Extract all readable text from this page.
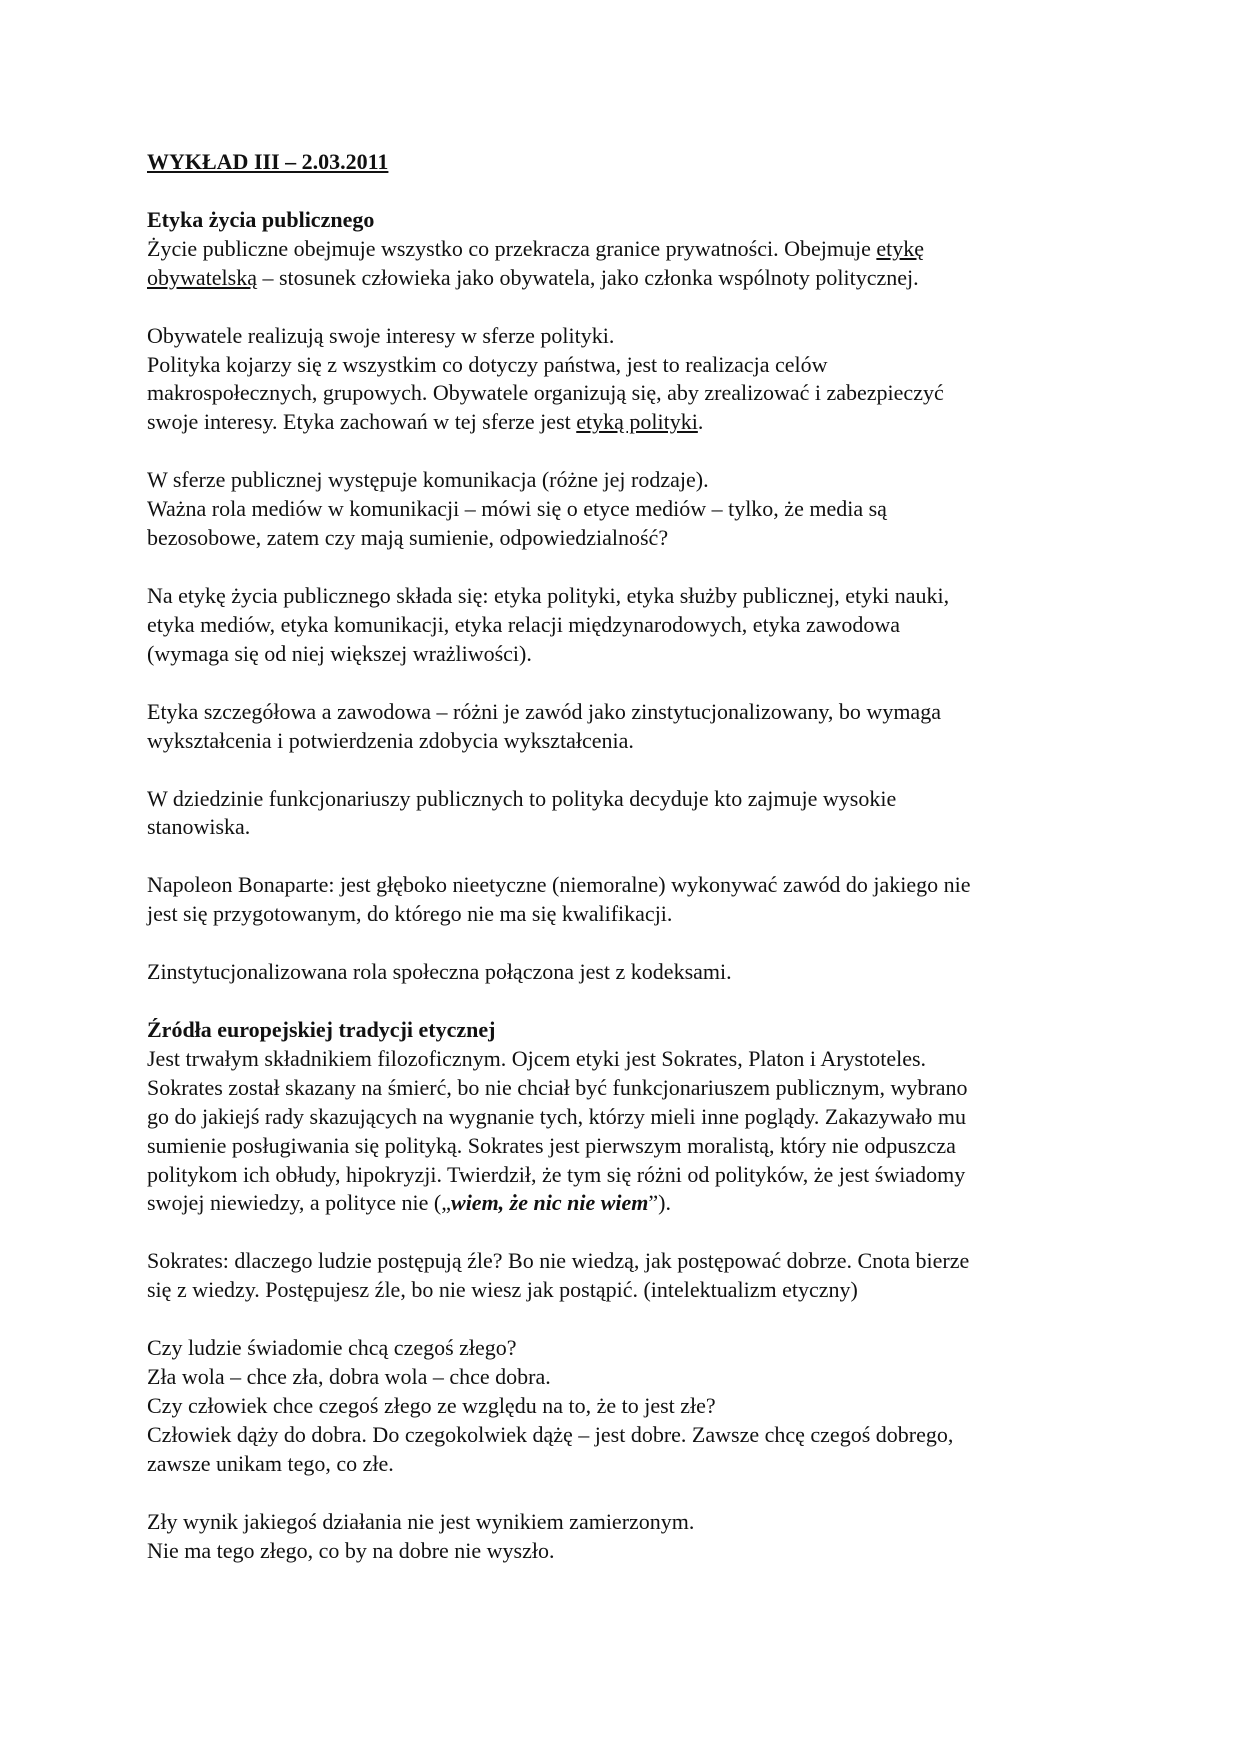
WYKŁAD III – 2.03.2011
Etyka życia publicznego

Życie publiczne obejmuje wszystko co przekracza granice prywatności. Obejmuje etykę
obywatelską – stosunek człowieka jako obywatela, jako członka wspólnoty politycznej.

Obywatele realizują swoje interesy w sferze polityki.
Polityka kojarzy się z wszystkim co dotyczy państwa, jest to realizacja celów
makrospołecznych, grupowych. Obywatele organizują się, aby zrealizować i zabezpieczyć
swoje interesy. Etyka zachowań w tej sferze jest etyką polityki.

W sferze publicznej występuje komunikacja (różne jej rodzaje).
Ważna rola mediów w komunikacji – mówi się o etyce mediów – tylko, że media są
bezosobowe, zatem czy mają sumienie, odpowiedzialność?

Na etykę życia publicznego składa się: etyka polityki, etyka służby publicznej, etyki nauki,
etyka mediów, etyka komunikacji, etyka relacji międzynarodowych, etyka zawodowa
(wymaga się od niej większej wrażliwości).

Etyka szczegółowa a zawodowa – różni je zawód jako zinstytucjonalizowany, bo wymaga
wykształcenia i potwierdzenia zdobycia wykształcenia.

W dziedzinie funkcjonariuszy publicznych to polityka decyduje kto zajmuje wysokie
stanowiska.

Napoleon Bonaparte: jest głęboko nieetyczne (niemoralne) wykonywać zawód do jakiego nie
jest się przygotowanym, do którego nie ma się kwalifikacji.

Zinstytucjonalizowana rola społeczna połączona jest z kodeksami.

Źródła europejskiej tradycji etycznej

Jest trwałym składnikiem filozoficznym. Ojcem etyki jest Sokrates, Platon i Arystoteles.
Sokrates został skazany na śmierć, bo nie chciał być funkcjonariuszem publicznym, wybrano
go do jakiejś rady skazujących na wygnanie tych, którzy mieli inne poglądy. Zakazywało mu
sumienie posługiwania się polityką. Sokrates jest pierwszym moralistą, który nie odpuszcza
politykom ich obłudy, hipokryzji. Twierdził, że tym się różni od polityków, że jest świadomy
swojej niewiedzy, a polityce nie („wiem, że nic nie wiem”).

Sokrates: dlaczego ludzie postępują źle? Bo nie wiedzą, jak postępować dobrze. Cnota bierze
się z wiedzy. Postępujesz źle, bo nie wiesz jak postąpić. (intelektualizm etyczny)

Czy ludzie świadomie chcą czegoś złego?
Zła wola – chce zła, dobra wola – chce dobra.
Czy człowiek chce czegoś złego ze względu na to, że to jest złe?
Człowiek dąży do dobra. Do czegokolwiek dążę – jest dobre. Zawsze chcę czegoś dobrego,
zawsze unikam tego, co złe.

Zły wynik jakiegoś działania nie jest wynikiem zamierzonym.
Nie ma tego złego, co by na dobre nie wyszło.
